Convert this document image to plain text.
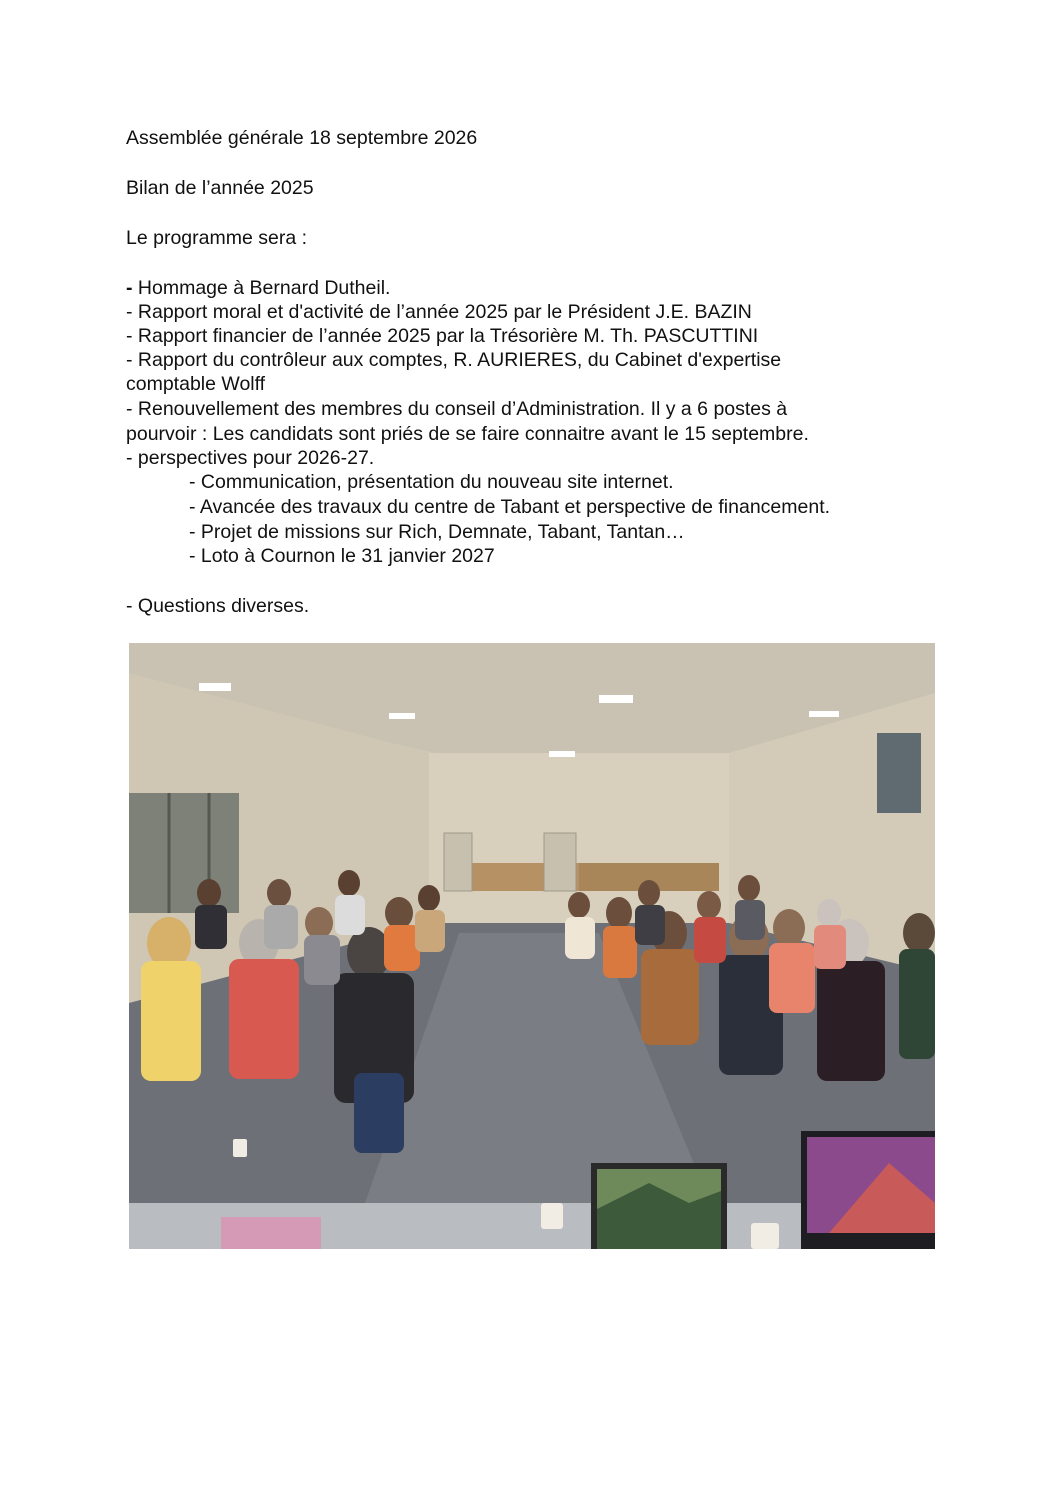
Assemblée générale 18 septembre 2026

Bilan de l’année 2025

Le programme sera :

- Hommage à Bernard Dutheil.

- Rapport moral et d'activité de l’année 2025 par le Président J.E. BAZIN

- Rapport financier de l’année 2025 par la Trésorière M. Th. PASCUTTINI

- Rapport du contrôleur aux comptes, R. AURIERES, du Cabinet d'expertise

comptable Wolff

- Renouvellement des membres du conseil d’Administration. Il y a 6 postes à

pourvoir : Les candidats sont priés de se faire connaitre avant le 15 septembre.

- perspectives pour 2026-27.

- Communication, présentation du nouveau site internet.

- Avancée des travaux du centre de Tabant et perspective de financement.

- Projet de missions sur Rich, Demnate, Tabant, Tantan…

- Loto à Cournon le 31 janvier 2027

- Questions diverses.
